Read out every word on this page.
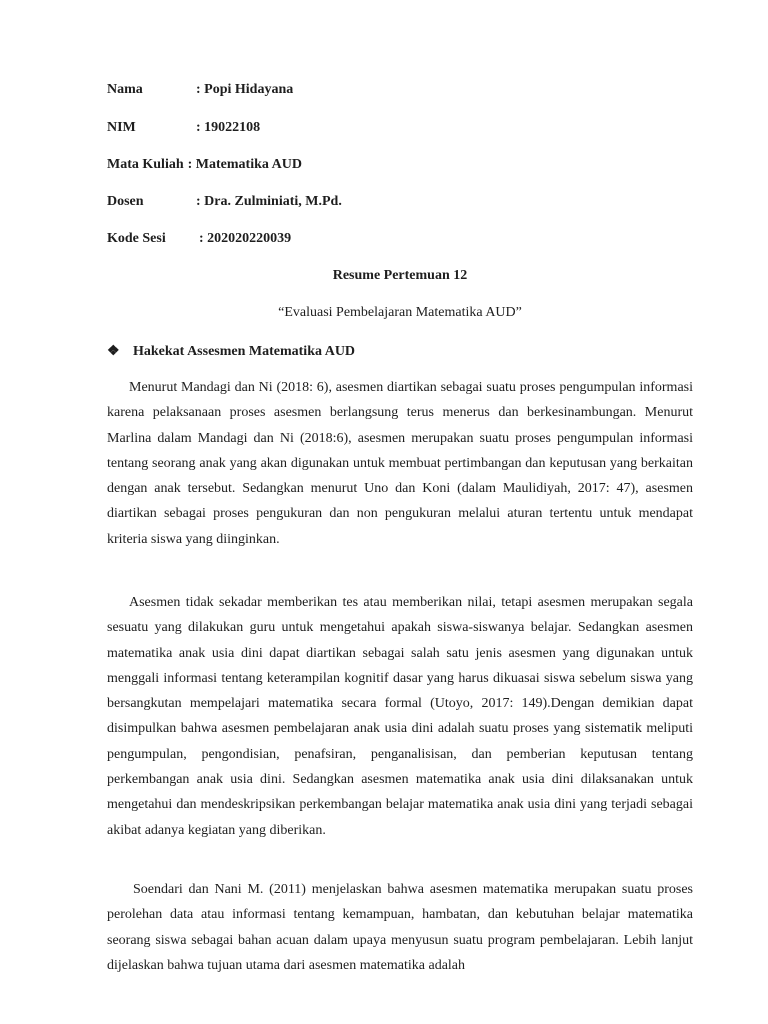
Nama	: Popi Hidayana
NIM	: 19022108
Mata Kuliah : Matematika AUD
Dosen	: Dra. Zulminiati, M.Pd.
Kode Sesi : 202020220039
Resume Pertemuan 12
“Evaluasi Pembelajaran Matematika AUD”
❖ Hakekat Assesmen Matematika AUD

Menurut Mandagi dan Ni (2018: 6), asesmen diartikan sebagai suatu proses pengumpulan informasi karena pelaksanaan proses asesmen berlangsung terus menerus dan berkesinambungan. Menurut Marlina dalam Mandagi dan Ni (2018:6), asesmen merupakan suatu proses pengumpulan informasi tentang seorang anak yang akan digunakan untuk membuat pertimbangan dan keputusan yang berkaitan dengan anak tersebut. Sedangkan menurut Uno dan Koni (dalam Maulidiyah, 2017: 47), asesmen diartikan sebagai proses pengukuran dan non pengukuran melalui aturan tertentu untuk mendapat kriteria siswa yang diinginkan.

Asesmen tidak sekadar memberikan tes atau memberikan nilai, tetapi asesmen merupakan segala sesuatu yang dilakukan guru untuk mengetahui apakah siswa-siswanya belajar. Sedangkan asesmen matematika anak usia dini dapat diartikan sebagai salah satu jenis asesmen yang digunakan untuk menggali informasi tentang keterampilan kognitif dasar yang harus dikuasai siswa sebelum siswa yang bersangkutan mempelajari matematika secara formal (Utoyo, 2017: 149).Dengan demikian dapat disimpulkan bahwa asesmen pembelajaran anak usia dini adalah suatu proses yang sistematik meliputi pengumpulan, pengondisian, penafsiran, penganalisisan, dan pemberian keputusan tentang perkembangan anak usia dini. Sedangkan asesmen matematika anak usia dini dilaksanakan untuk mengetahui dan mendeskripsikan perkembangan belajar matematika anak usia dini yang terjadi sebagai akibat adanya kegiatan yang diberikan.

Soendari dan Nani M. (2011) menjelaskan bahwa asesmen matematika merupakan suatu proses perolehan data atau informasi tentang kemampuan, hambatan, dan kebutuhan belajar matematika seorang siswa sebagai bahan acuan dalam upaya menyusun suatu program pembelajaran. Lebih lanjut dijelaskan bahwa tujuan utama dari asesmen matematika adalah
